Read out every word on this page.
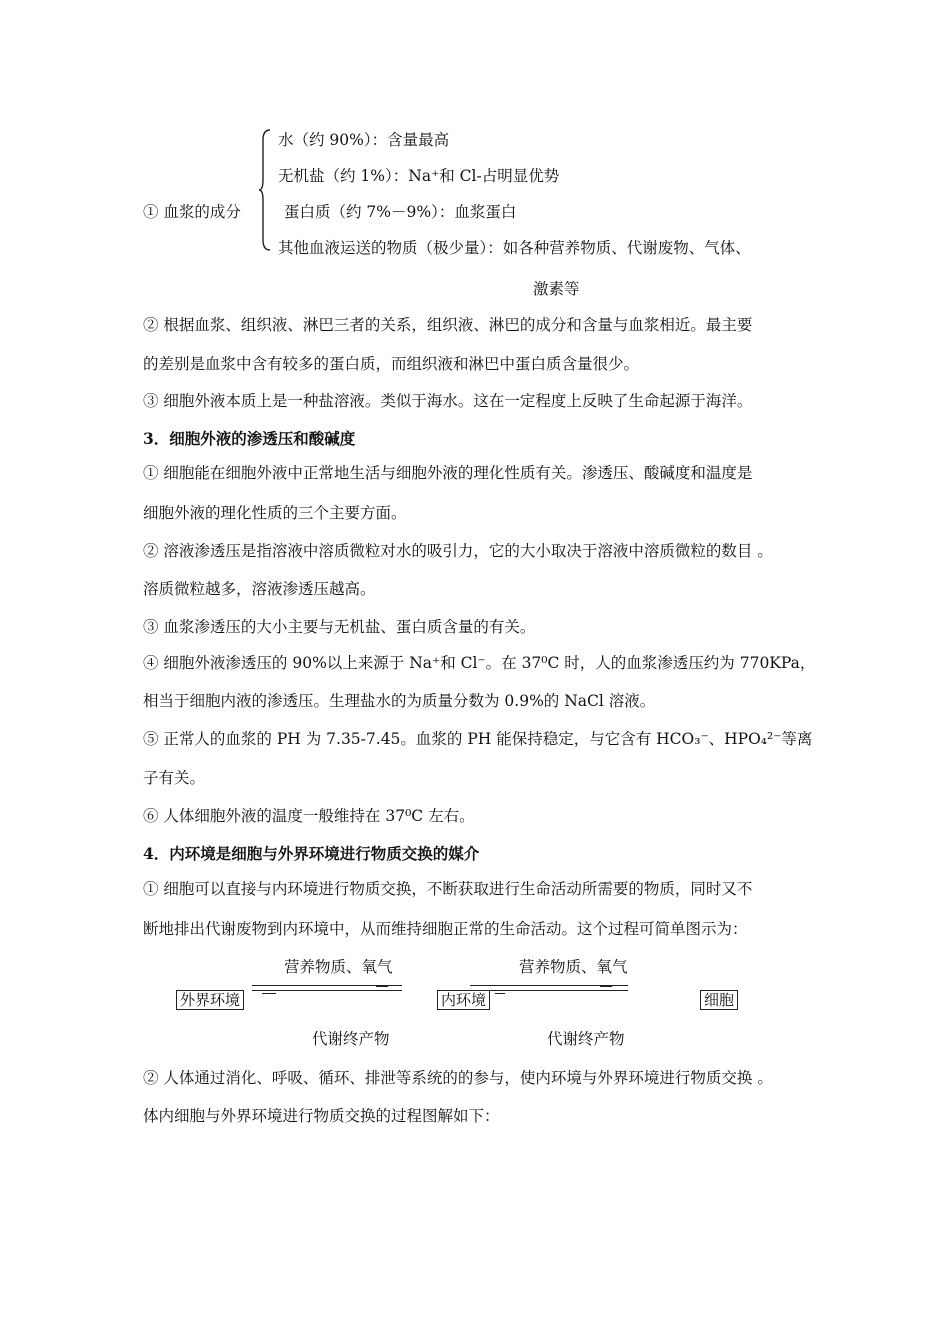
① 血浆的成分
水（约 90%）：含量最高
无机盐（约 1%）：Na⁺和 Cl-占明显优势
蛋白质（约 7%－9%）：血浆蛋白
其他血液运送的物质（极少量）：如各种营养物质、代谢废物、气体、
激素等
② 根据血浆、组织液、淋巴三者的关系，组织液、淋巴的成分和含量与血浆相近。最主要
的差别是血浆中含有较多的蛋白质，而组织液和淋巴中蛋白质含量很少。
③ 细胞外液本质上是一种盐溶液。类似于海水。这在一定程度上反映了生命起源于海洋。
3．细胞外液的渗透压和酸碱度
① 细胞能在细胞外液中正常地生活与细胞外液的理化性质有关。渗透压、酸碱度和温度是
细胞外液的理化性质的三个主要方面。
② 溶液渗透压是指溶液中溶质微粒对水的吸引力，它的大小取决于溶液中溶质微粒的数目 。
溶质微粒越多，溶液渗透压越高。
③ 血浆渗透压的大小主要与无机盐、蛋白质含量的有关。
④ 细胞外液渗透压的 90%以上来源于 Na⁺和 Cl⁻。在 37⁰C 时，人的血浆渗透压约为 770KPa，
相当于细胞内液的渗透压。生理盐水的为质量分数为 0.9%的 NaCl 溶液。
⑤ 正常人的血浆的 PH 为 7.35-7.45。血浆的 PH 能保持稳定，与它含有 HCO₃⁻、HPO₄²⁻等离
子有关。
⑥ 人体细胞外液的温度一般维持在 37⁰C 左右。
4．内环境是细胞与外界环境进行物质交换的媒介
① 细胞可以直接与内环境进行物质交换，不断获取进行生命活动所需要的物质，同时又不
断地排出代谢废物到内环境中，从而维持细胞正常的生命活动。这个过程可简单图示为：
营养物质、氧气	营养物质、氧气
外界环境	内环境	细胞
代谢终产物	代谢终产物
② 人体通过消化、呼吸、循环、排泄等系统的的参与，使内环境与外界环境进行物质交换 。
体内细胞与外界环境进行物质交换的过程图解如下：
